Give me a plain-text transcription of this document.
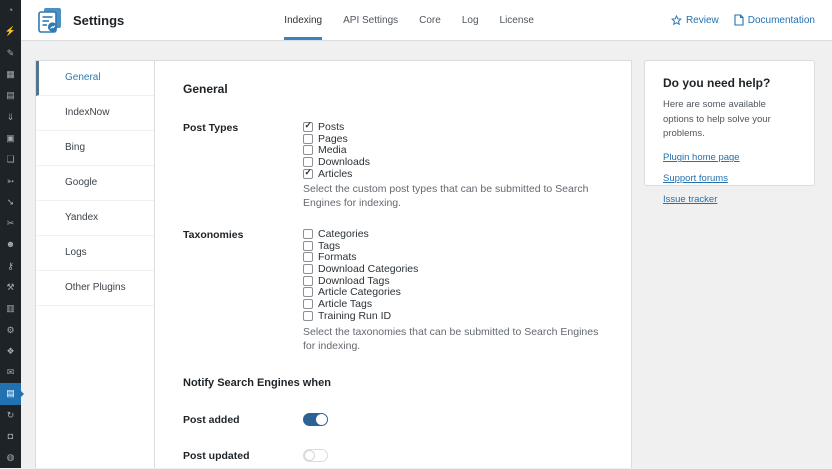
◔
⚡
✎
▦
▤
⇓
▣
❏
➳
➘
✂
☻
⚷
⚒
▥
⚙
❖
✉
▤
↻
◘
◍
Settings	Indexing API Settings Core Log License	Review	Documentation
General
IndexNow
Bing
Google
Yandex
Logs
Other Plugins
General
Post Types ✓	Posts
Pages
Media
Downloads
✓
Articles
Select the custom post types that can be submitted to Search Engines for indexing.
Taxonomies	Categories
Tags
Formats
Download Categories
Download Tags
Article Categories
Article Tags
Training Run ID
Select the taxonomies that can be submitted to Search Engines for indexing.
Notify Search Engines when
Post added
Post updated
Do you need help?
Here are some available options to help solve your problems.
Plugin home page
Support forums
Issue tracker
